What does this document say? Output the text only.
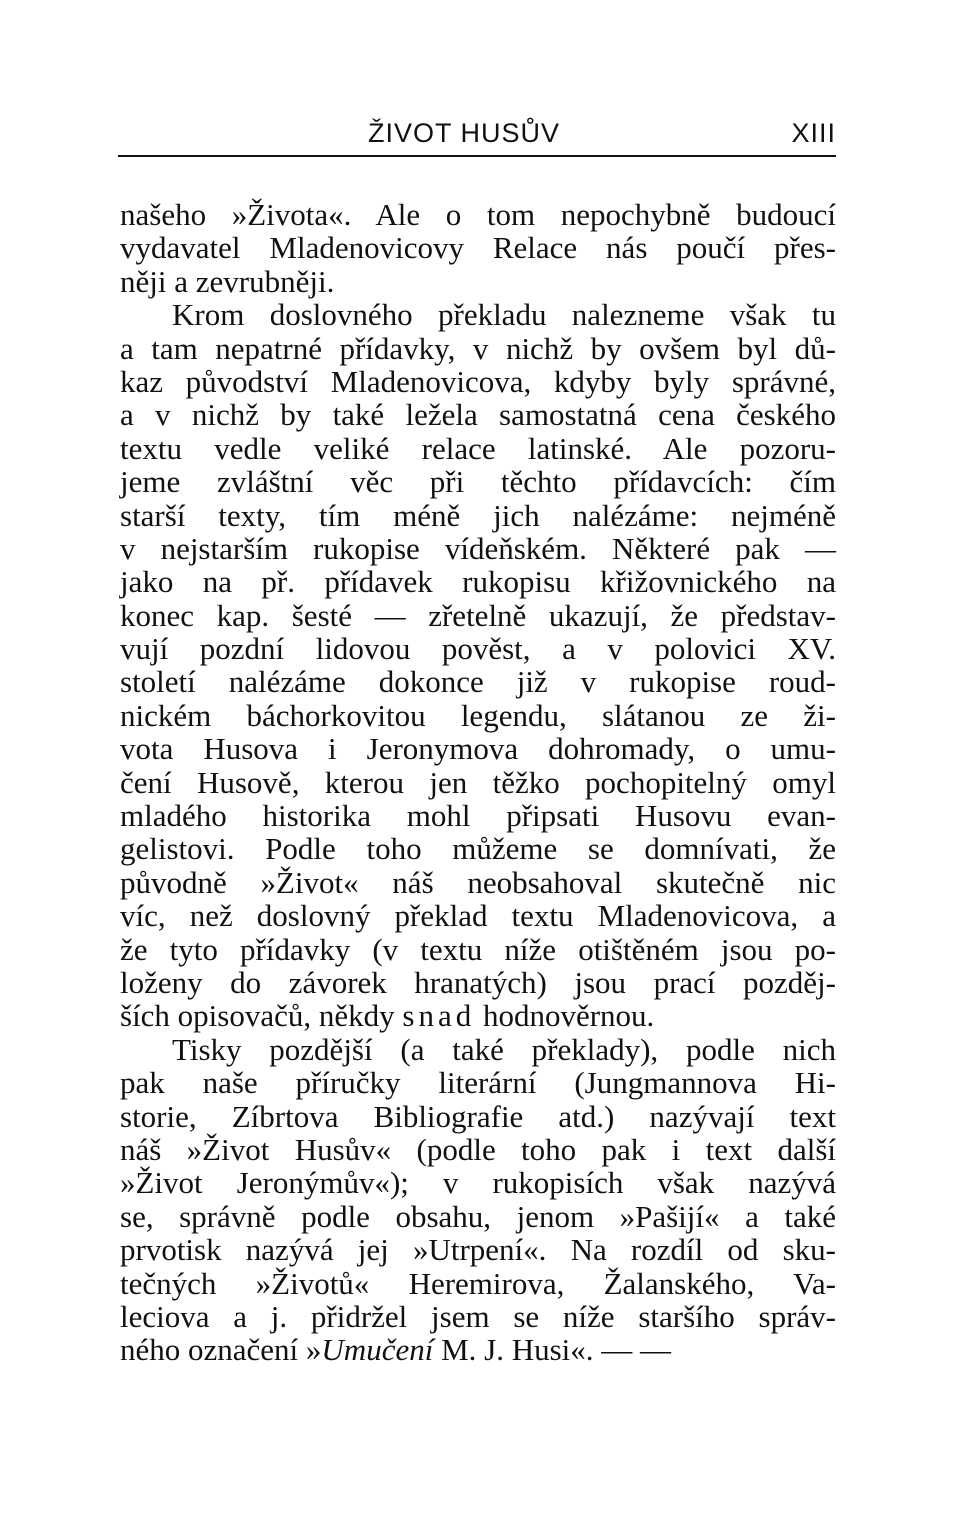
ŽIVOT HUSŮV	XIII
našeho »Života«. Ale o tom nepochybně budoucí
vydavatel Mladenovicovy Relace nás poučí přes-
něji a zevrubněji.
Krom doslovného překladu nalezneme však tu
a tam nepatrné přídavky, v nichž by ovšem byl dů-
kaz původství Mladenovicova, kdyby byly správné,
a v nichž by také ležela samostatná cena českého
textu vedle veliké relace latinské. Ale pozoru-
jeme zvláštní věc při těchto přídavcích: čím
starší texty, tím méně jich nalézáme: nejméně
v nejstarším rukopise vídeňském. Některé pak —
jako na př. přídavek rukopisu křižovnického na
konec kap. šesté — zřetelně ukazují, že představ-
vují pozdní lidovou pověst, a v polovici XV.
století nalézáme dokonce již v rukopise roud-
nickém báchorkovitou legendu, slátanou ze ži-
vota Husova i Jeronymova dohromady, o umu-
čení Husově, kterou jen těžko pochopitelný omyl
mladého historika mohl připsati Husovu evan-
gelistovi. Podle toho můžeme se domnívati, že
původně »Život« náš neobsahoval skutečně nic
víc, než doslovný překlad textu Mladenovicova, a
že tyto přídavky (v textu níže otištěném jsou po-
loženy do závorek hranatých) jsou prací pozděj-
ších opisovačů, někdy snad hodnověrnou.
Tisky pozdější (a také překlady), podle nich
pak naše příručky literární (Jungmannova Hi-
storie, Zíbrtova Bibliografie atd.) nazývají text
náš »Život Husův« (podle toho pak i text další
»Život Jeronýmův«); v rukopisích však nazývá
se, správně podle obsahu, jenom »Pašijí« a také
prvotisk nazývá jej »Utrpení«. Na rozdíl od sku-
tečných »Životů« Heremirova, Žalanského, Va-
leciova a j. přidržel jsem se níže staršího správ-
ného označení »Umučení M. J. Husi«. — —
